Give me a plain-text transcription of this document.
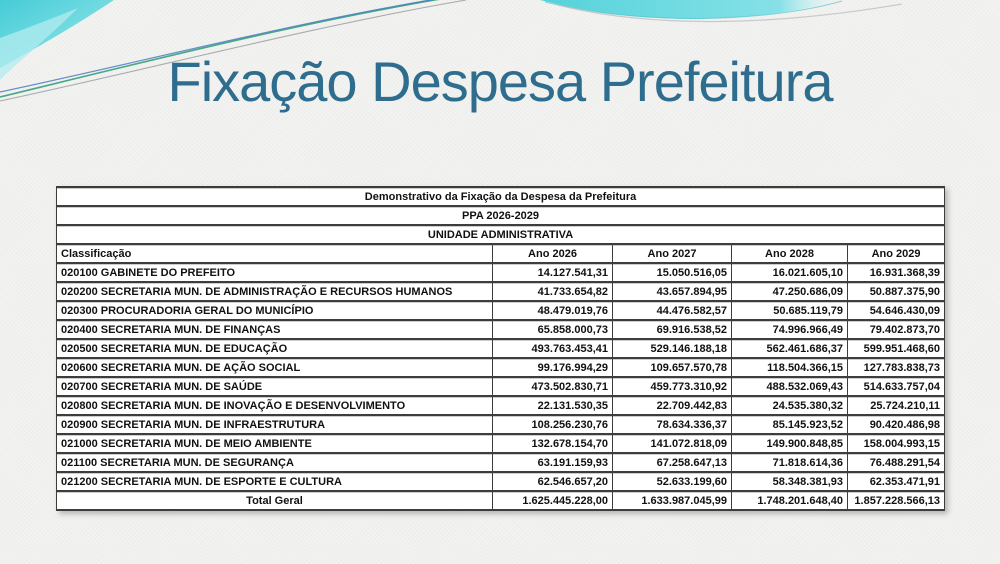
Fixação Despesa Prefeitura
Demonstrativo da Fixação da Despesa da Prefeitura				
PPA 2026-2029				
UNIDADE ADMINISTRATIVA				
Classificação	Ano 2026	Ano 2027	Ano 2028	Ano 2029
020100 GABINETE DO PREFEITO	14.127.541,31	15.050.516,05	16.021.605,10	16.931.368,39
020200 SECRETARIA MUN. DE ADMINISTRAÇÃO E RECURSOS HUMANOS	41.733.654,82	43.657.894,95	47.250.686,09	50.887.375,90
020300 PROCURADORIA GERAL DO MUNICÍPIO	48.479.019,76	44.476.582,57	50.685.119,79	54.646.430,09
020400 SECRETARIA MUN. DE FINANÇAS	65.858.000,73	69.916.538,52	74.996.966,49	79.402.873,70
020500 SECRETARIA MUN. DE EDUCAÇÃO	493.763.453,41	529.146.188,18	562.461.686,37	599.951.468,60
020600 SECRETARIA MUN. DE AÇÃO SOCIAL	99.176.994,29	109.657.570,78	118.504.366,15	127.783.838,73
020700 SECRETARIA MUN. DE SAÚDE	473.502.830,71	459.773.310,92	488.532.069,43	514.633.757,04
020800 SECRETARIA MUN. DE INOVAÇÃO E DESENVOLVIMENTO	22.131.530,35	22.709.442,83	24.535.380,32	25.724.210,11
020900 SECRETARIA MUN. DE INFRAESTRUTURA	108.256.230,76	78.634.336,37	85.145.923,52	90.420.486,98
021000 SECRETARIA MUN. DE MEIO AMBIENTE	132.678.154,70	141.072.818,09	149.900.848,85	158.004.993,15
021100 SECRETARIA MUN. DE SEGURANÇA	63.191.159,93	67.258.647,13	71.818.614,36	76.488.291,54
021200 SECRETARIA MUN. DE ESPORTE E CULTURA	62.546.657,20	52.633.199,60	58.348.381,93	62.353.471,91
Total Geral	1.625.445.228,00	1.633.987.045,99	1.748.201.648,40	1.857.228.566,13
